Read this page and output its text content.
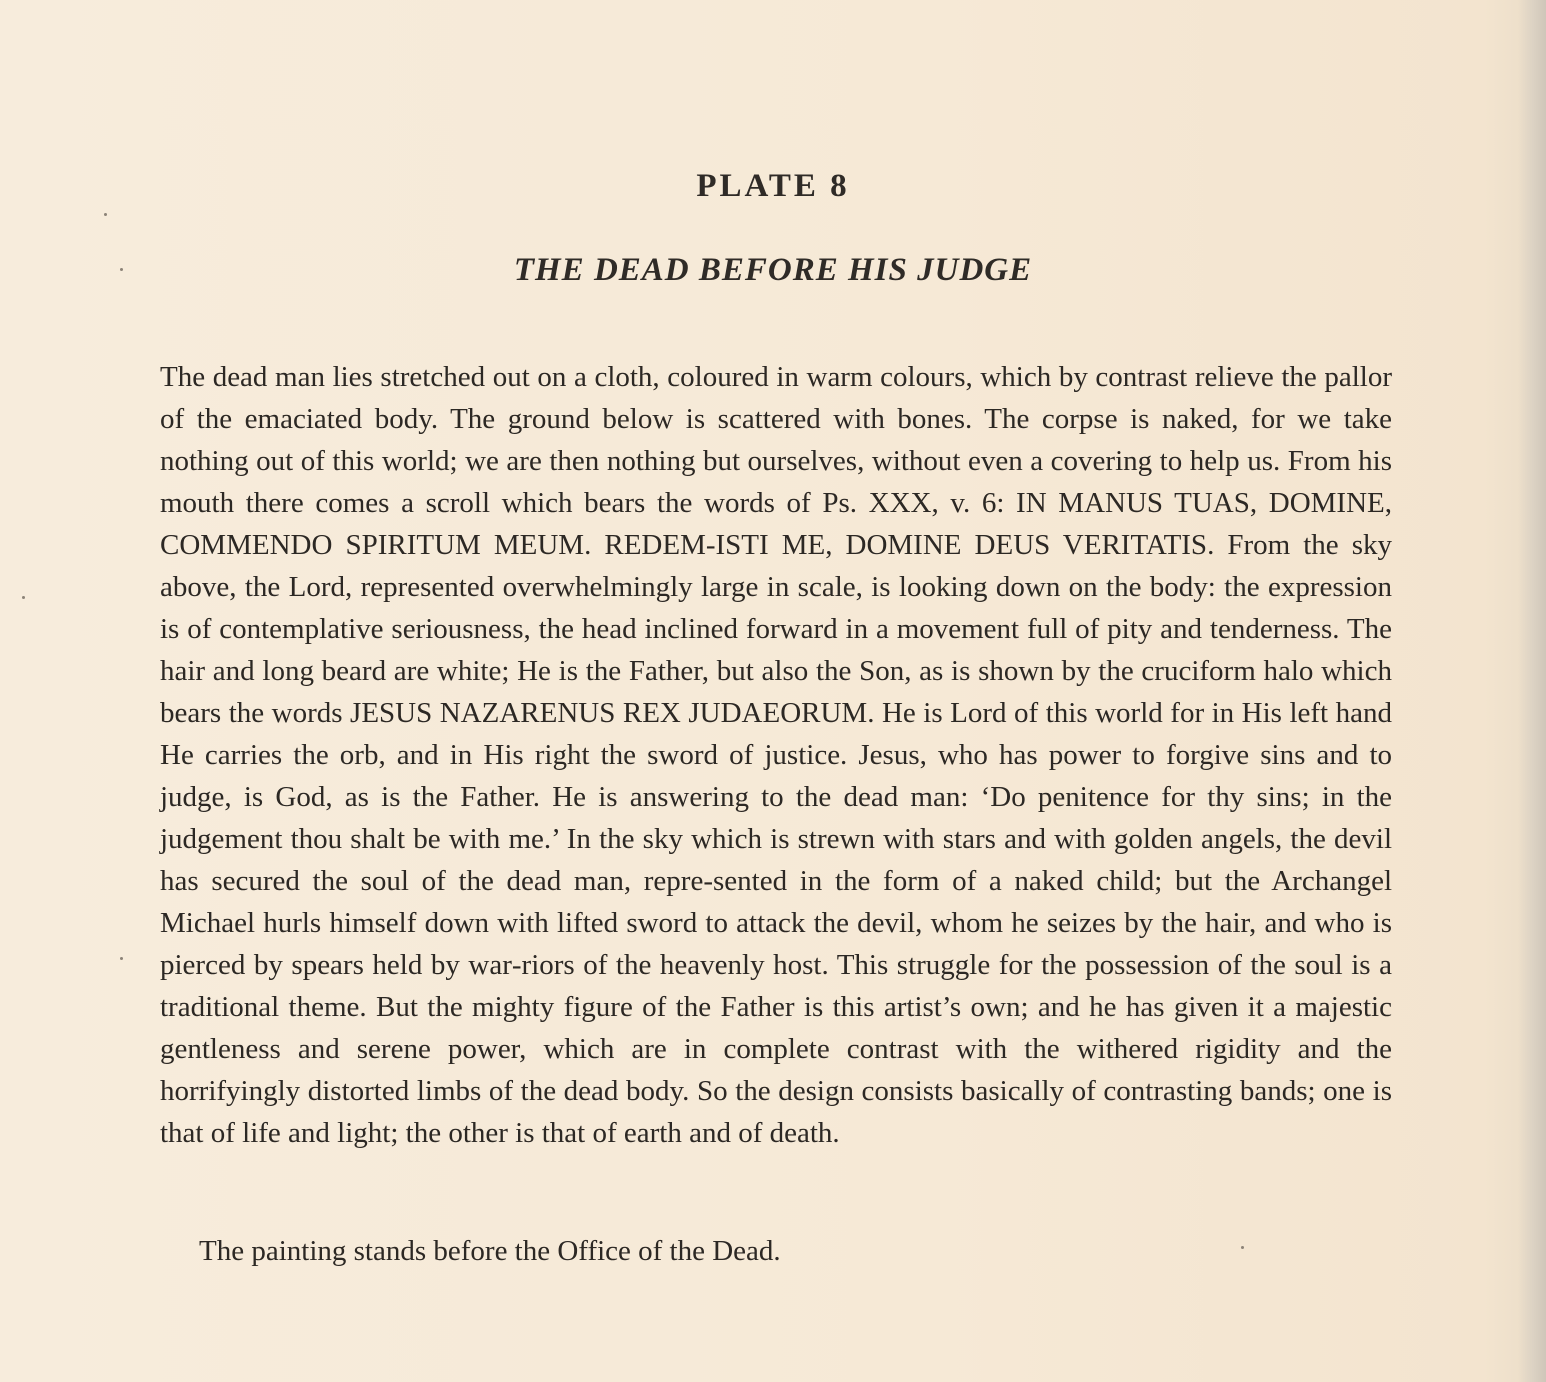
PLATE 8
THE DEAD BEFORE HIS JUDGE

The dead man lies stretched out on a cloth, coloured in warm colours, which by contrast relieve the pallor of the emaciated body. The ground below is scattered with bones. The corpse is naked, for we take nothing out of this world; we are then nothing but ourselves, without even a covering to help us. From his mouth there comes a scroll which bears the words of Ps. XXX, v. 6: IN MANUS TUAS, DOMINE, COMMENDO SPIRITUM MEUM. REDEM‑ISTI ME, DOMINE DEUS VERITATIS. From the sky above, the Lord, represented overwhelmingly large in scale, is looking down on the body: the expression is of contemplative seriousness, the head inclined forward in a movement full of pity and tenderness. The hair and long beard are white; He is the Father, but also the Son, as is shown by the cruciform halo which bears the words JESUS NAZARENUS REX JUDAEORUM. He is Lord of this world for in His left hand He carries the orb, and in His right the sword of justice. Jesus, who has power to forgive sins and to judge, is God, as is the Father. He is answering to the dead man: ‘Do penitence for thy sins; in the judgement thou shalt be with me.’ In the sky which is strewn with stars and with golden angels, the devil has secured the soul of the dead man, repre‑sented in the form of a naked child; but the Archangel Michael hurls himself down with lifted sword to attack the devil, whom he seizes by the hair, and who is pierced by spears held by war‑riors of the heavenly host. This struggle for the possession of the soul is a traditional theme. But the mighty figure of the Father is this artist’s own; and he has given it a majestic gentleness and serene power, which are in complete contrast with the withered rigidity and the horrifyingly distorted limbs of the dead body. So the design consists basically of contrasting bands; one is that of life and light; the other is that of earth and of death.

The painting stands before the Office of the Dead.
